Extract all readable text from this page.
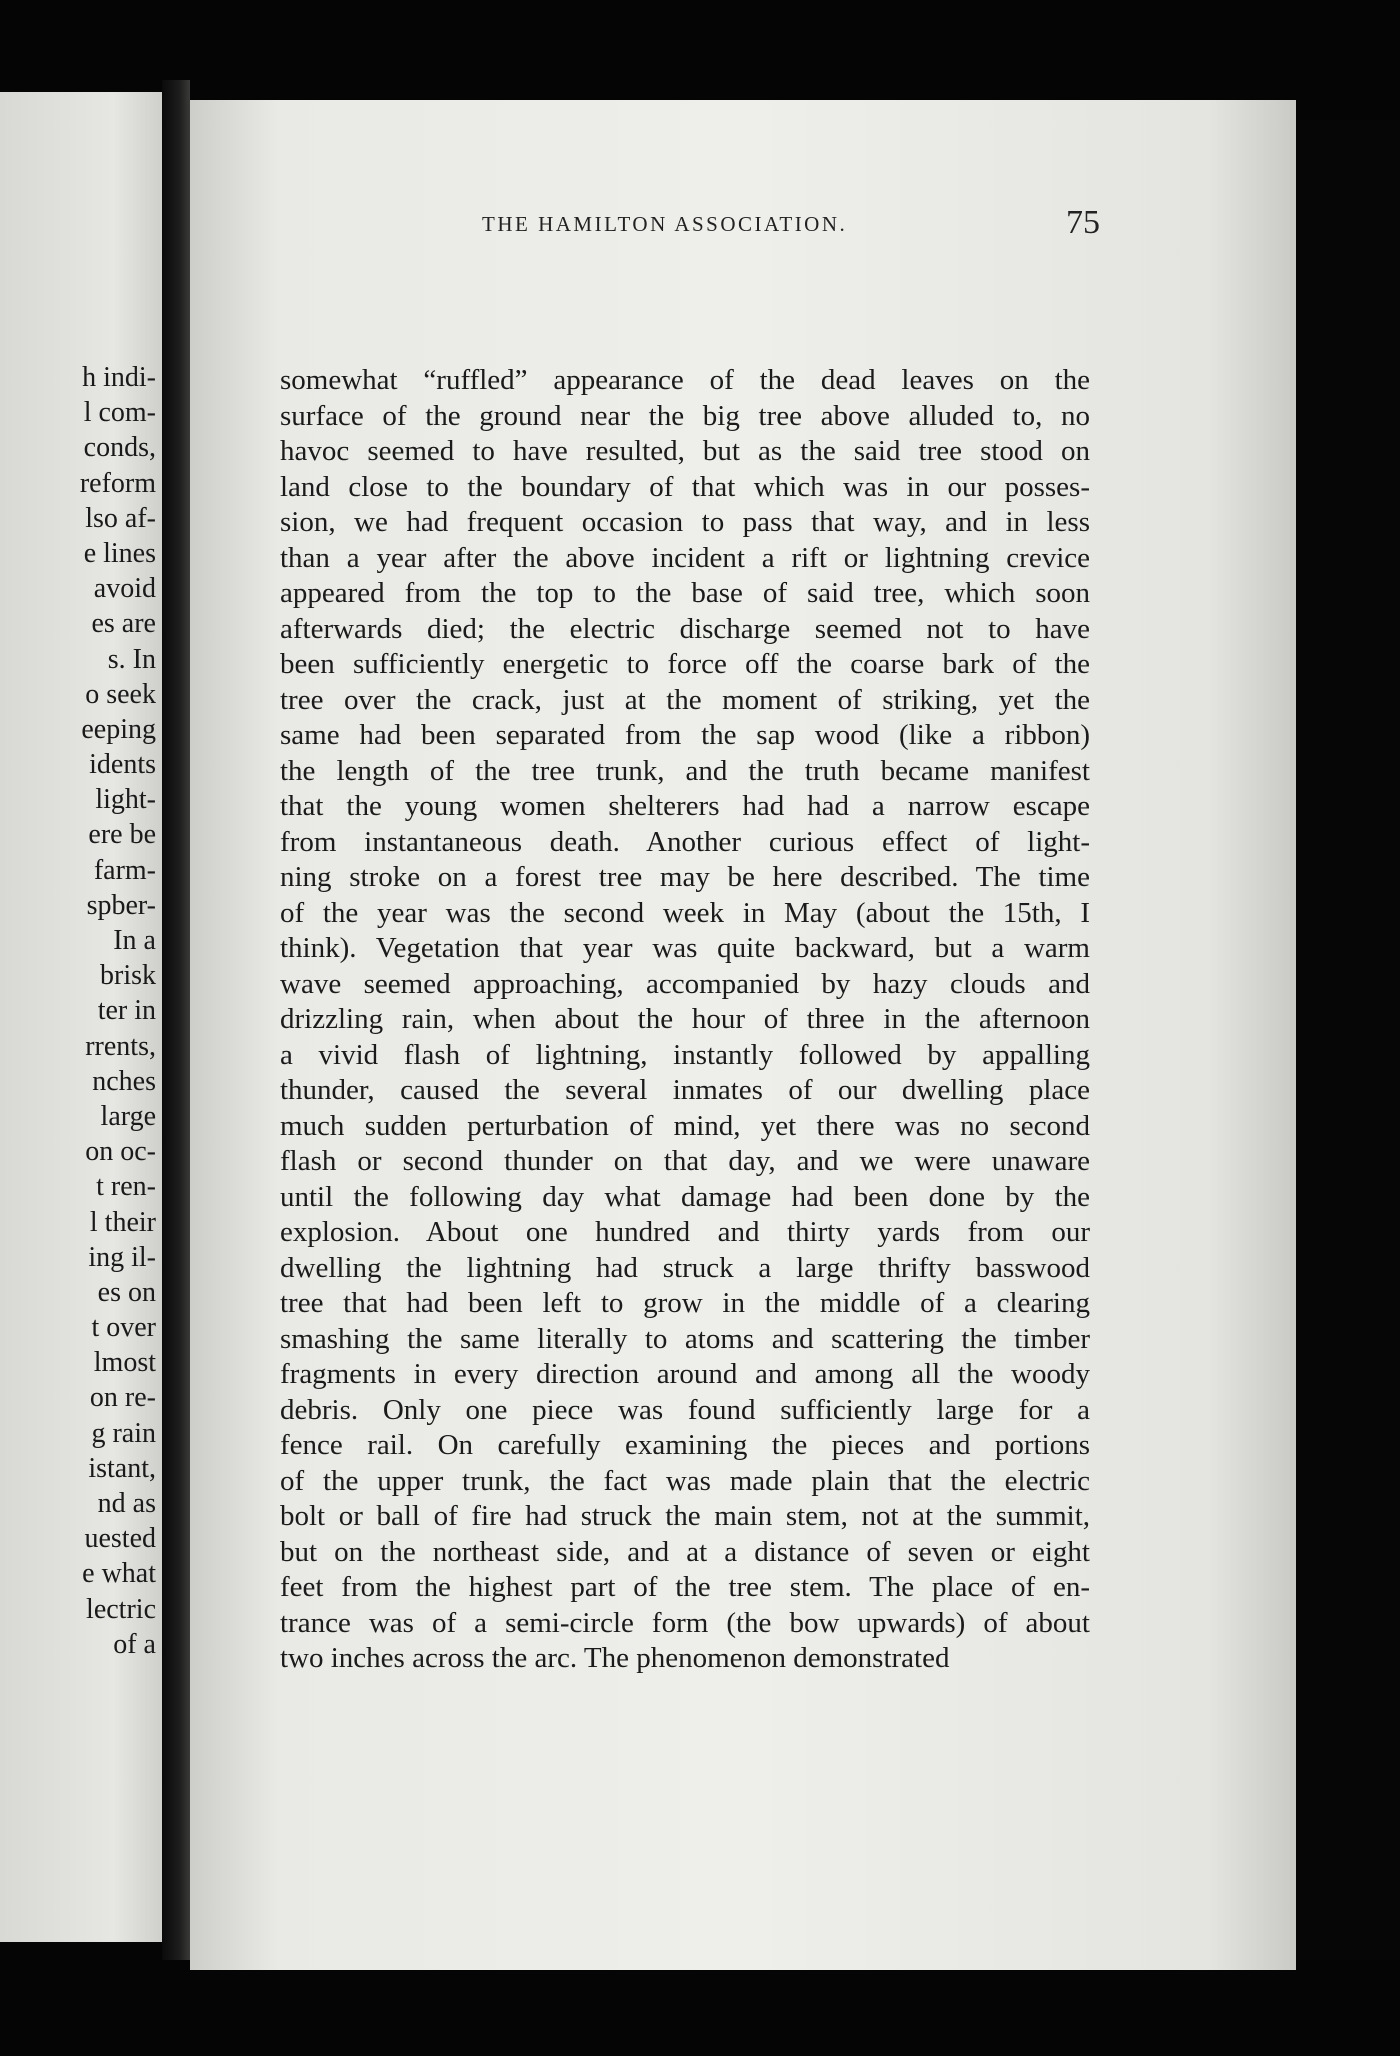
h indi-
l com-
conds,
reform
lso af-
e lines
avoid
es are
s. In
o seek
eeping
idents
light-
ere be
farm-
spber-
In a
brisk
ter in
rrents,
nches
large
on oc-
t ren-
l their
ing il-
es on
t over
lmost
on re-
g rain
istant,
nd as
uested
e what
lectric
of a
THE HAMILTON ASSOCIATION.	75
somewhat “ruffled” appearance of the dead leaves on the
surface of the ground near the big tree above alluded to, no
havoc seemed to have resulted, but as the said tree stood on
land close to the boundary of that which was in our posses-
sion, we had frequent occasion to pass that way, and in less
than a year after the above incident a rift or lightning crevice
appeared from the top to the base of said tree, which soon
afterwards died; the electric discharge seemed not to have
been sufficiently energetic to force off the coarse bark of the
tree over the crack, just at the moment of striking, yet the
same had been separated from the sap wood (like a ribbon)
the length of the tree trunk, and the truth became manifest
that the young women shelterers had had a narrow escape
from instantaneous death. Another curious effect of light-
ning stroke on a forest tree may be here described. The time
of the year was the second week in May (about the 15th, I
think). Vegetation that year was quite backward, but a warm
wave seemed approaching, accompanied by hazy clouds and
drizzling rain, when about the hour of three in the afternoon
a vivid flash of lightning, instantly followed by appalling
thunder, caused the several inmates of our dwelling place
much sudden perturbation of mind, yet there was no second
flash or second thunder on that day, and we were unaware
until the following day what damage had been done by the
explosion. About one hundred and thirty yards from our
dwelling the lightning had struck a large thrifty basswood
tree that had been left to grow in the middle of a clearing
smashing the same literally to atoms and scattering the timber
fragments in every direction around and among all the woody
debris. Only one piece was found sufficiently large for a
fence rail. On carefully examining the pieces and portions
of the upper trunk, the fact was made plain that the electric
bolt or ball of fire had struck the main stem, not at the summit,
but on the northeast side, and at a distance of seven or eight
feet from the highest part of the tree stem. The place of en-
trance was of a semi-circle form (the bow upwards) of about
two inches across the arc. The phenomenon demonstrated
